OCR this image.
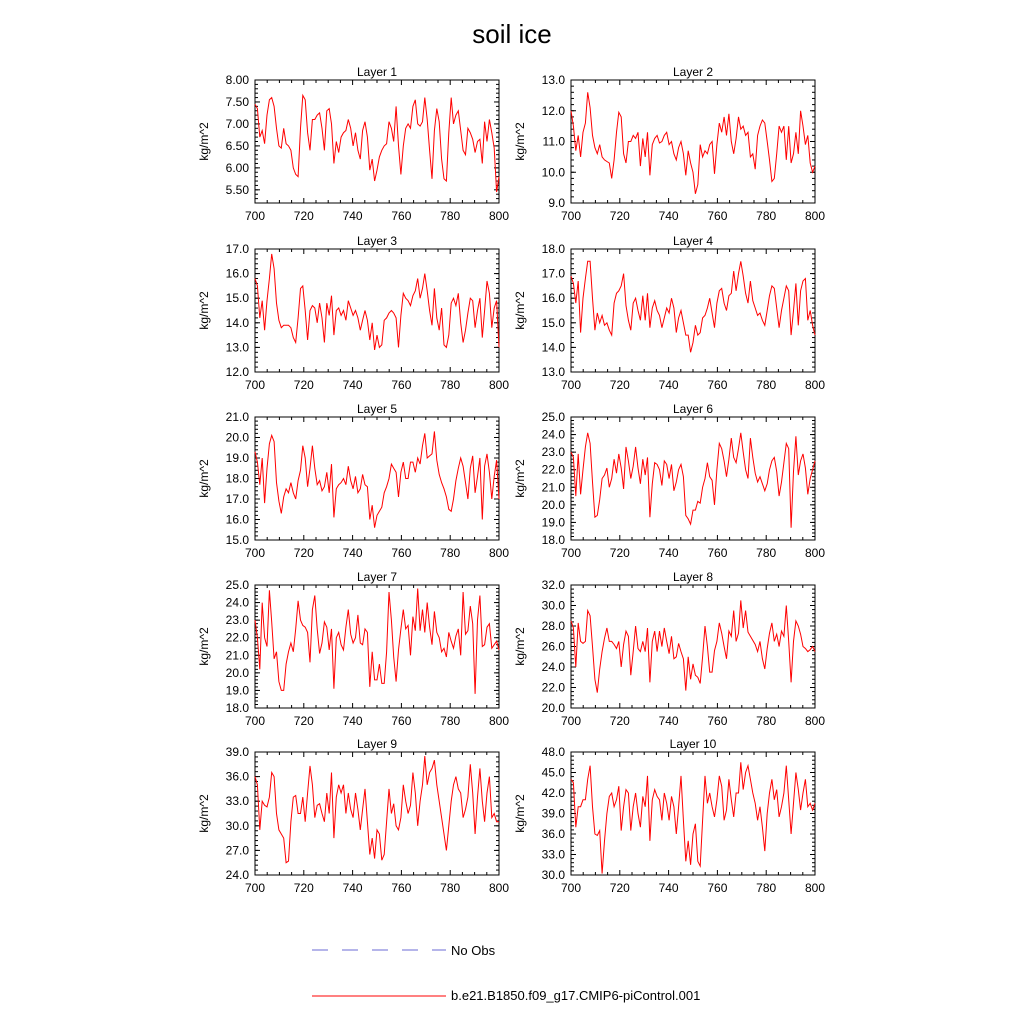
soil ice
Layer 1
700 720 740 760 780 800
5.50
6.00
6.50
7.00
7.50
8.00
kg/m^2
Layer 2
700 720 740 760 780 800
9.0
10.0
11.0
12.0
13.0
kg/m^2
Layer 3
700 720 740 760 780 800
12.0
13.0
14.0
15.0
16.0
17.0
kg/m^2
Layer 4
700 720 740 760 780 800
13.0
14.0
15.0
16.0
17.0
18.0
kg/m^2
Layer 5
700 720 740 760 780 800
15.0
16.0
17.0
18.0
19.0
20.0
21.0
kg/m^2
Layer 6
700 720 740 760 780 800
18.0
19.0
20.0
21.0
22.0
23.0
24.0
25.0
kg/m^2
Layer 7
700 720 740 760 780 800
18.0
19.0
20.0
21.0
22.0
23.0
24.0
25.0
kg/m^2
Layer 8
700 720 740 760 780 800
20.0
22.0
24.0
26.0
28.0
30.0
32.0
kg/m^2
Layer 9
700 720 740 760 780 800
24.0
27.0
30.0
33.0
36.0
39.0
kg/m^2
Layer 10
700 720 740 760 780 800
30.0
33.0
36.0
39.0
42.0
45.0
48.0
kg/m^2
No Obs
b.e21.B1850.f09_g17.CMIP6-piControl.001
